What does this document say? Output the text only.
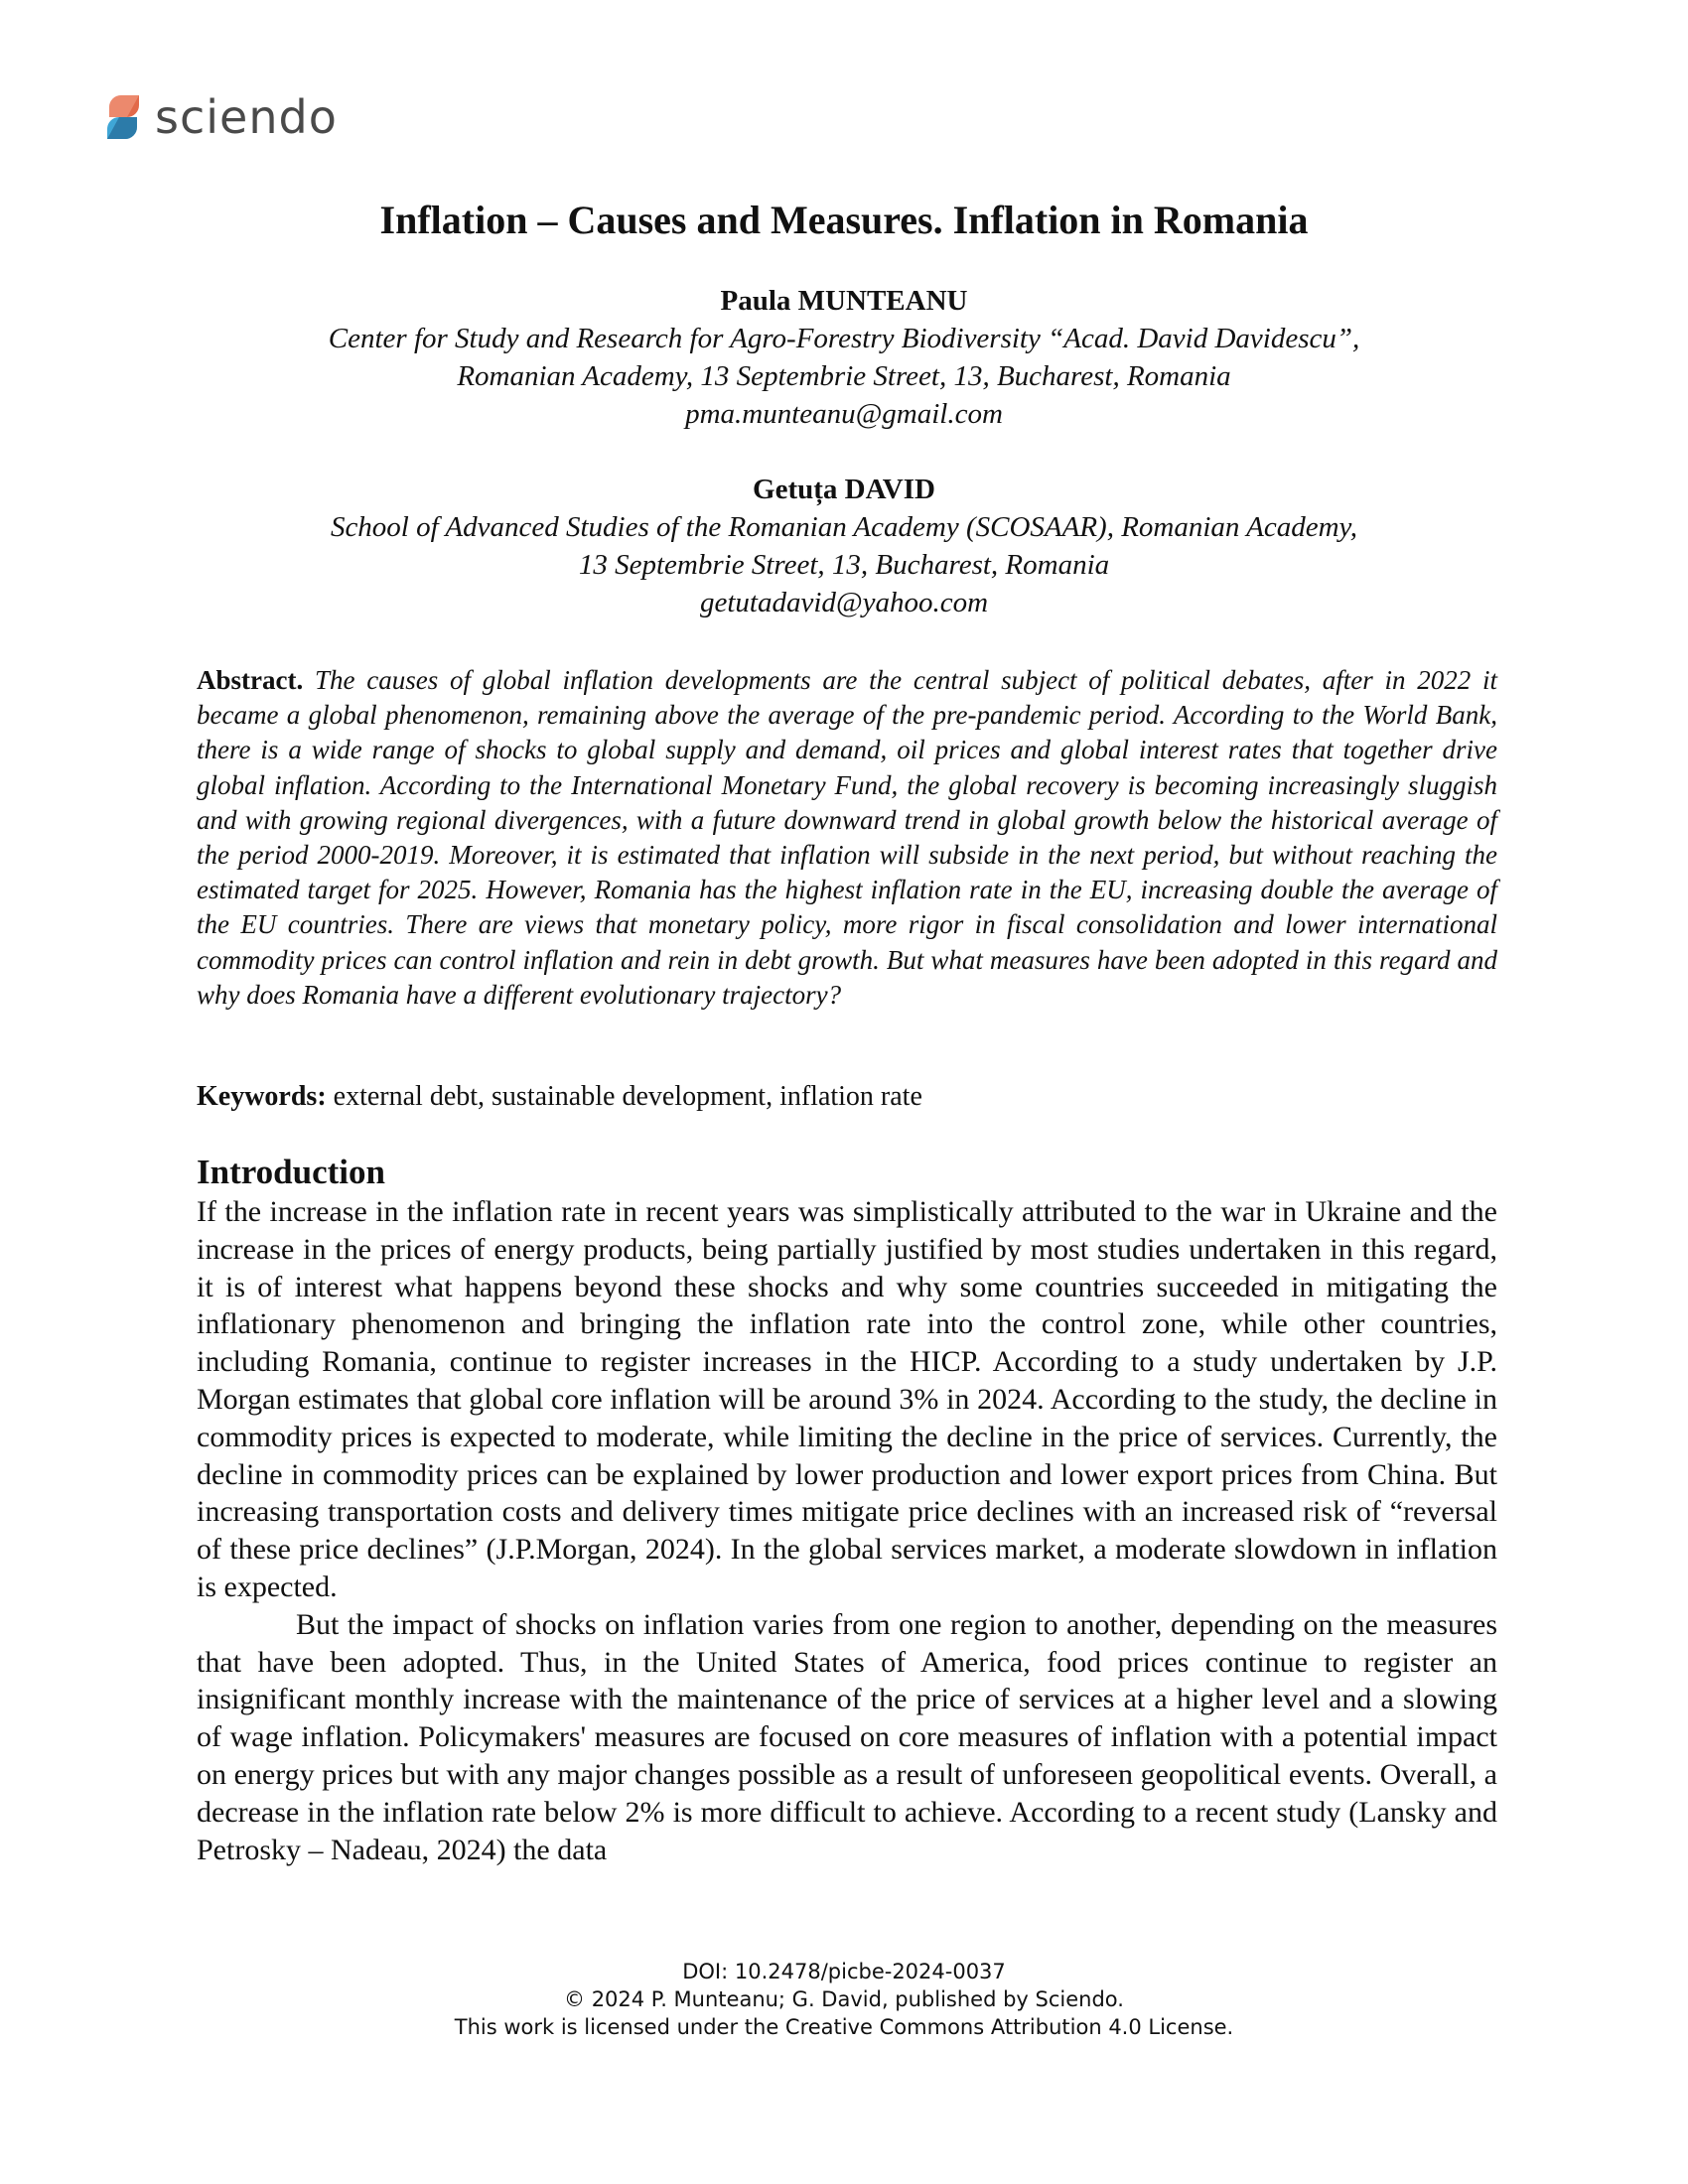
sciendo
Inflation – Causes and Measures. Inflation in Romania
Paula MUNTEANU
Center for Study and Research for Agro-Forestry Biodiversity “Acad. David Davidescu”,
Romanian Academy, 13 Septembrie Street, 13, Bucharest, Romania
pma.munteanu@gmail.com
Getuța DAVID
School of Advanced Studies of the Romanian Academy (SCOSAAR), Romanian Academy,
13 Septembrie Street, 13, Bucharest, Romania
getutadavid@yahoo.com

Abstract. The causes of global inflation developments are the central subject of political debates, after in 2022 it became a global phenomenon, remaining above the average of the pre-pandemic period. According to the World Bank, there is a wide range of shocks to global supply and demand, oil prices and global interest rates that together drive global inflation. According to the International Monetary Fund, the global recovery is becoming increasingly sluggish and with growing regional divergences, with a future downward trend in global growth below the historical average of the period 2000-2019. Moreover, it is estimated that inflation will subside in the next period, but without reaching the estimated target for 2025. However, Romania has the highest inflation rate in the EU, increasing double the average of the EU countries. There are views that monetary policy, more rigor in fiscal consolidation and lower international commodity prices can control inflation and rein in debt growth. But what measures have been adopted in this regard and why does Romania have a different evolutionary trajectory?

Keywords: external debt, sustainable development, inflation rate

Introduction

If the increase in the inflation rate in recent years was simplistically attributed to the war in Ukraine and the increase in the prices of energy products, being partially justified by most studies undertaken in this regard, it is of interest what happens beyond these shocks and why some countries succeeded in mitigating the inflationary phenomenon and bringing the inflation rate into the control zone, while other countries, including Romania, continue to register increases in the HICP. According to a study undertaken by J.P. Morgan estimates that global core inflation will be around 3% in 2024. According to the study, the decline in commodity prices is expected to moderate, while limiting the decline in the price of services. Currently, the decline in commodity prices can be explained by lower production and lower export prices from China. But increasing transportation costs and delivery times mitigate price declines with an increased risk of “reversal of these price declines” (J.P.Morgan, 2024). In the global services market, a moderate slowdown in inflation is expected.

But the impact of shocks on inflation varies from one region to another, depending on the measures that have been adopted. Thus, in the United States of America, food prices continue to register an insignificant monthly increase with the maintenance of the price of services at a higher level and a slowing of wage inflation. Policymakers' measures are focused on core measures of inflation with a potential impact on energy prices but with any major changes possible as a result of unforeseen geopolitical events. Overall, a decrease in the inflation rate below 2% is more difficult to achieve. According to a recent study (Lansky and Petrosky – Nadeau, 2024) the data

DOI: 10.2478/picbe-2024-0037
© 2024 P. Munteanu; G. David, published by Sciendo.
This work is licensed under the Creative Commons Attribution 4.0 License.
